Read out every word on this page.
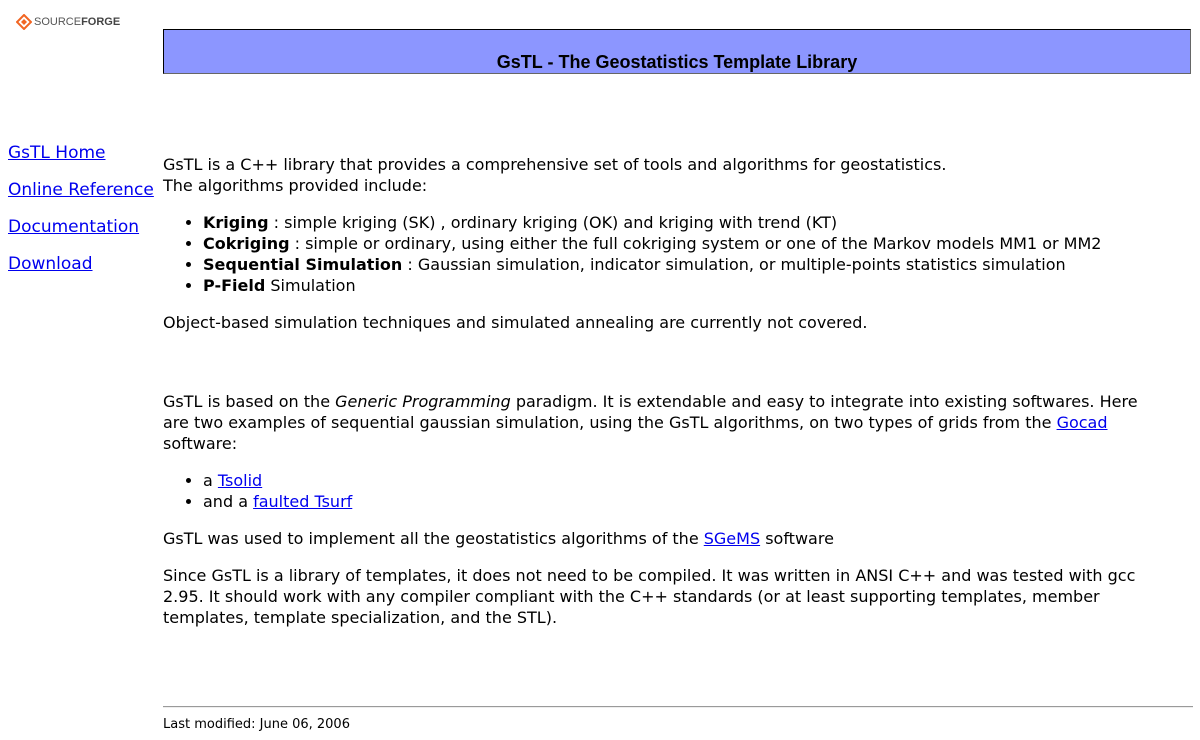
SOURCE FORGE
GsTL - The Geostatistics Template Library
GsTL Home
Online Reference
Documentation
Download

GsTL is a C++ library that provides a comprehensive set of tools and algorithms for geostatistics.
The algorithms provided include:

• Kriging : simple kriging (SK) , ordinary kriging (OK) and kriging with trend (KT)
• Cokriging : simple or ordinary, using either the full cokriging system or one of the Markov models MM1 or MM2
• Sequential Simulation : Gaussian simulation, indicator simulation, or multiple-points statistics simulation
• P-Field Simulation

Object-based simulation techniques and simulated annealing are currently not covered.

GsTL is based on the Generic Programming paradigm. It is extendable and easy to integrate into existing softwares. Here are two examples of sequential gaussian simulation, using the GsTL algorithms, on two types of grids from the Gocad software:

• a Tsolid
• and a faulted Tsurf

GsTL was used to implement all the geostatistics algorithms of the SGeMS software

Since GsTL is a library of templates, it does not need to be compiled. It was written in ANSI C++ and was tested with gcc 2.95. It should work with any compiler compliant with the C++ standards (or at least supporting templates, member templates, template specialization, and the STL).

Last modified: June 06, 2006
